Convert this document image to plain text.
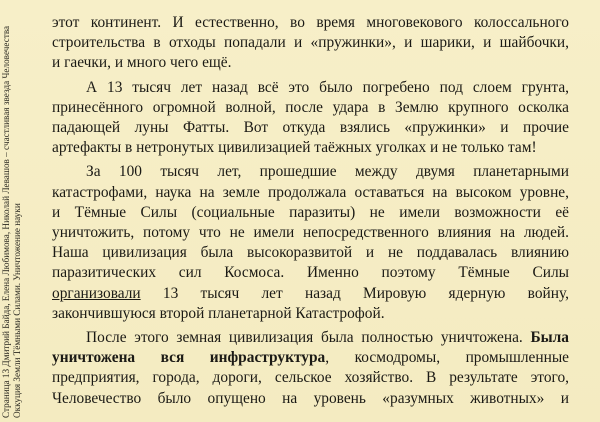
Страница 13 Дмитрий Байда, Елена Любимова, Николай Левашов – счастливая звезда Человечества Оккуция Земли Тёмными Силами. Уничтожение науки

этот континент. И естественно, во время многовекового колоссального
строительства в отходы попадали и «пружинки», и шарики, и шайбочки,
и гаечки, и много чего ещё.

А 13 тысяч лет назад всё это было погребено под слоем грунта,
принесённого огромной волной, после удара в Землю крупного осколка
падающей луны Фатты. Вот откуда взялись «пружинки» и прочие
артефакты в нетронутых цивилизацией таёжных уголках и не только там!

За 100 тысяч лет, прошедшие между двумя планетарными
катастрофами, наука на земле продолжала оставаться на высоком уровне,
и Тёмные Силы (социальные паразиты) не имели возможности её
уничтожить, потому что не имели непосредственного влияния на людей.
Наша цивилизация была высокоразвитой и не поддавалась влиянию
паразитических сил Космоса. Именно поэтому Тёмные Силы
организовали 13 тысяч лет назад Мировую ядерную войну,
закончившуюся второй планетарной Катастрофой.

После этого земная цивилизация была полностью уничтожена. Была
уничтожена вся инфраструктура, космодромы, промышленные
предприятия, города, дороги, сельское хозяйство. В результате этого,
Человечество было опущено на уровень «разумных животных» и
